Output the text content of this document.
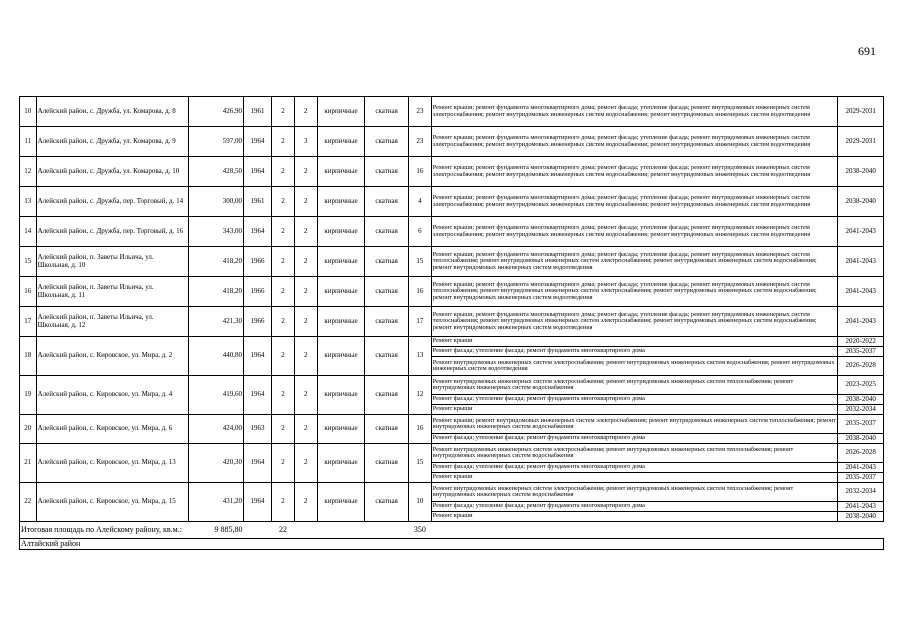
691
10	Алейский район, с. Дружба, ул. Комарова, д. 8	426,90	1961	2	2	кирпичные	скатная	23	Ремонт крыши; ремонт фундамента многоквартирного дома; ремонт фасада; утепление фасада; ремонт внутридомовых инженерных систем электроснабжения; ремонт внутридомовых инженерных систем водоснабжения; ремонт внутридомовых инженерных систем водоотведения	2029-2031
11	Алейский район, с. Дружба, ул. Комарова, д. 9	597,00	1964	2	3	кирпичные	скатная	23	Ремонт крыши; ремонт фундамента многоквартирного дома; ремонт фасада; утепление фасада; ремонт внутридомовых инженерных систем электроснабжения; ремонт внутридомовых инженерных систем водоснабжения; ремонт внутридомовых инженерных систем водоотведения	2029-2031
12	Алейский район, с. Дружба, ул. Комарова, д. 10	428,50	1964	2	2	кирпичные	скатная	16	Ремонт крыши; ремонт фундамента многоквартирного дома; ремонт фасада; утепление фасада; ремонт внутридомовых инженерных систем электроснабжения; ремонт внутридомовых инженерных систем водоснабжения; ремонт внутридомовых инженерных систем водоотведения	2038-2040
13	Алейский район, с. Дружба, пер. Торговый, д. 14	300,00	1961	2	2	кирпичные	скатная	4	Ремонт крыши; ремонт фундамента многоквартирного дома; ремонт фасада; утепление фасада; ремонт внутридомовых инженерных систем электроснабжения; ремонт внутридомовых инженерных систем водоснабжения; ремонт внутридомовых инженерных систем водоотведения	2038-2040
14	Алейский район, с. Дружба, пер. Торговый, д. 16	343,00	1964	2	2	кирпичные	скатная	6	Ремонт крыши; ремонт фундамента многоквартирного дома; ремонт фасада; утепление фасада; ремонт внутридомовых инженерных систем электроснабжения; ремонт внутридомовых инженерных систем водоснабжения; ремонт внутридомовых инженерных систем водоотведения	2041-2043
15	Алейский район, п. Заветы Ильича, ул. Школьная, д. 10	418,20	1966	2	2	кирпичные	скатная	15	Ремонт крыши; ремонт фундамента многоквартирного дома; ремонт фасада; утепление фасада; ремонт внутридомовых инженерных систем теплоснабжения; ремонт внутридомовых инженерных систем электроснабжения; ремонт внутридомовых инженерных систем водоснабжения; ремонт внутридомовых инженерных систем водоотведения	2041-2043
16	Алейский район, п. Заветы Ильича, ул. Школьная, д. 11	418,20	1966	2	2	кирпичные	скатная	16	Ремонт крыши; ремонт фундамента многоквартирного дома; ремонт фасада; утепление фасада; ремонт внутридомовых инженерных систем теплоснабжения; ремонт внутридомовых инженерных систем электроснабжения; ремонт внутридомовых инженерных систем водоснабжения; ремонт внутридомовых инженерных систем водоотведения	2041-2043
17	Алейский район, п. Заветы Ильича, ул. Школьная, д. 12	421,30	1966	2	2	кирпичные	скатная	17	Ремонт крыши; ремонт фундамента многоквартирного дома; ремонт фасада; утепление фасада; ремонт внутридомовых инженерных систем теплоснабжения; ремонт внутридомовых инженерных систем электроснабжения; ремонт внутридомовых инженерных систем водоснабжения; ремонт внутридомовых инженерных систем водоотведения	2041-2043
18	Алейский район, с. Кировское, ул. Мира, д. 2	440,80	1964	2	2	кирпичные	скатная	13	Ремонт крыши	2020-2022
									Ремонт фасада; утепление фасада; ремонт фундамента многоквартирного дома	2035-2037
									Ремонт внутридомовых инженерных систем электроснабжения; ремонт внутридомовых инженерных систем водоснабжения; ремонт внутридомовых инженерных систем водоотведения	2026-2028
19	Алейский район, с. Кировское, ул. Мира, д. 4	419,60	1964	2	2	кирпичные	скатная	12	Ремонт внутридомовых инженерных систем электроснабжения; ремонт внутридомовых инженерных систем теплоснабжения; ремонт внутридомовых инженерных систем водоснабжения	2023-2025
									Ремонт фасада; утепление фасада; ремонт фундамента многоквартирного дома	2038-2040
									Ремонт крыши	2032-2034
20	Алейский район, с. Кировское, ул. Мира, д. 6	424,00	1963	2	2	кирпичные	скатная	16	Ремонт крыши; ремонт внутридомовых инженерных систем электроснабжения; ремонт внутридомовых инженерных систем теплоснабжения; ремонт внутридомовых инженерных систем водоснабжения	2035-2037
									Ремонт фасада; утепление фасада; ремонт фундамента многоквартирного дома	2038-2040
21	Алейский район, с. Кировское, ул. Мира, д. 13	420,30	1964	2	2	кирпичные	скатная	15	Ремонт внутридомовых инженерных систем электроснабжения; ремонт внутридомовых инженерных систем теплоснабжения; ремонт внутридомовых инженерных систем водоснабжения	2026-2028
									Ремонт фасада; утепление фасада; ремонт фундамента многоквартирного дома	2041-2043
									Ремонт крыши	2035-2037
22	Алейский район, с. Кировское, ул. Мира, д. 15	431,20	1964	2	2	кирпичные	скатная	10	Ремонт внутридомовых инженерных систем электроснабжения; ремонт внутридомовых инженерных систем теплоснабжения; ремонт внутридомовых инженерных систем водоснабжения	2032-2034
									Ремонт фасада; утепление фасада; ремонт фундамента многоквартирного дома	2041-2043
									Ремонт крыши	2038-2040
Итоговая площадь по Алейскому району, кв.м.:		9 885,80		22				350		
Алтайский район										
